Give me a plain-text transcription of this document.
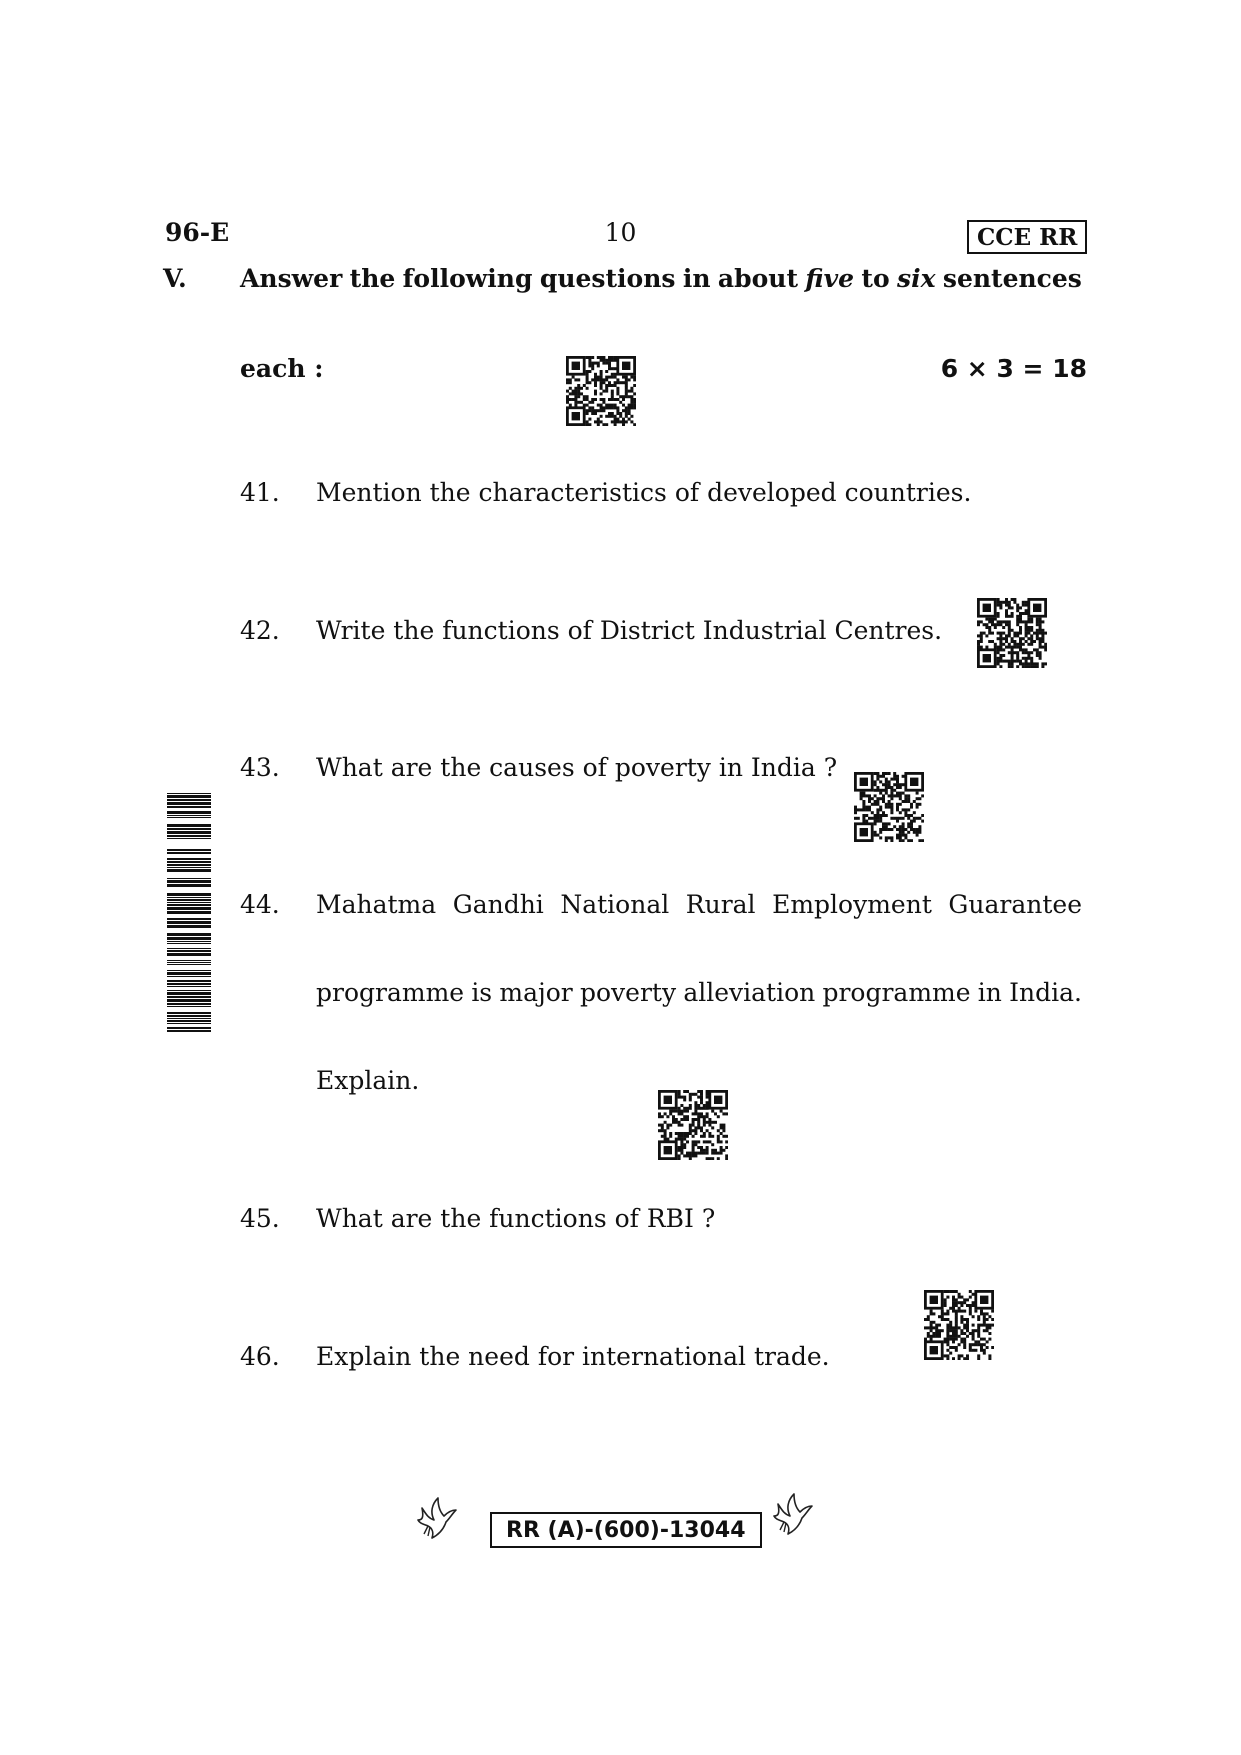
96-E	10	CCE RR
V. Answer the following questions in about five to six sentences
each :	6 × 3 = 18
41. Mention the characteristics of developed countries.
42. Write the functions of District Industrial Centres.
43. What are the causes of poverty in India ?
44. Mahatma Gandhi National Rural Employment Guarantee
programme is major poverty alleviation programme in India.
Explain.
45. What are the functions of RBI ?
46. Explain the need for international trade.
RR (A)-(600)-13044
